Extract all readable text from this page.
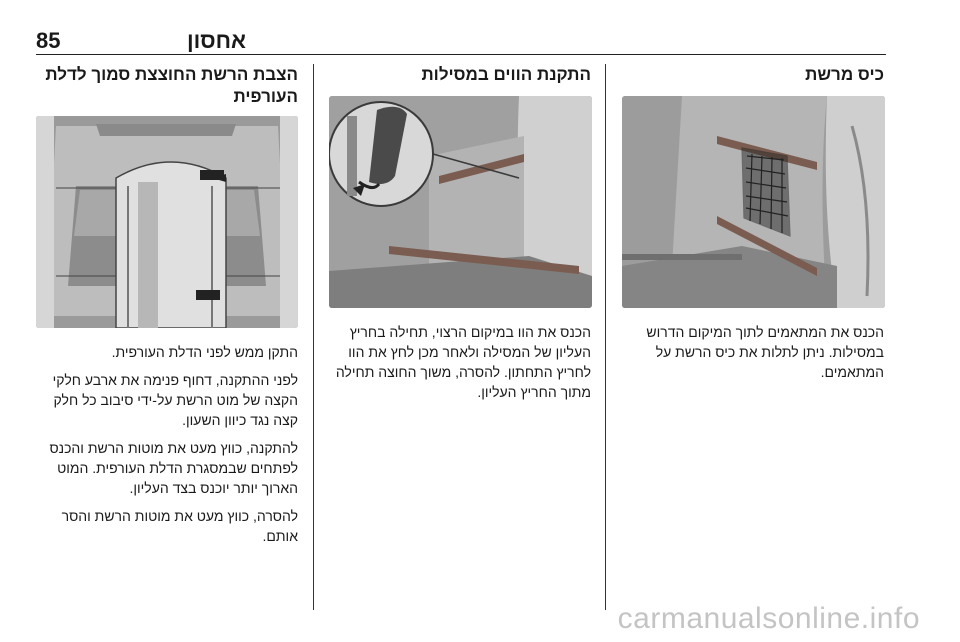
אחסון
85
כיס מרשת

הכנס את המתאמים לתוך המיקום הדרוש במסילות. ניתן לתלות את כיס הרשת על המתאמים.

התקנת הווים במסילות

הכנס את הוו במיקום הרצוי, תחילה בחריץ העליון של המסילה ולאחר מכן לחץ את הוו לחריץ התחתון. להסרה, משוך החוצה תחילה מתוך החריץ העליון.

הצבת הרשת החוצצת סמוך לדלת העורפית

התקן ממש לפני הדלת העורפית.

לפני ההתקנה, דחוף פנימה את ארבע חלקי הקצה של מוט הרשת על-ידי סיבוב כל חלק קצה נגד כיוון השעון.

להתקנה, כווץ מעט את מוטות הרשת והכנס לפתחים שבמסגרת הדלת העורפית. המוט הארוך יותר יוכנס בצד העליון.

להסרה, כווץ מעט את מוטות הרשת והסר אותם.

carmanualsonline.info
